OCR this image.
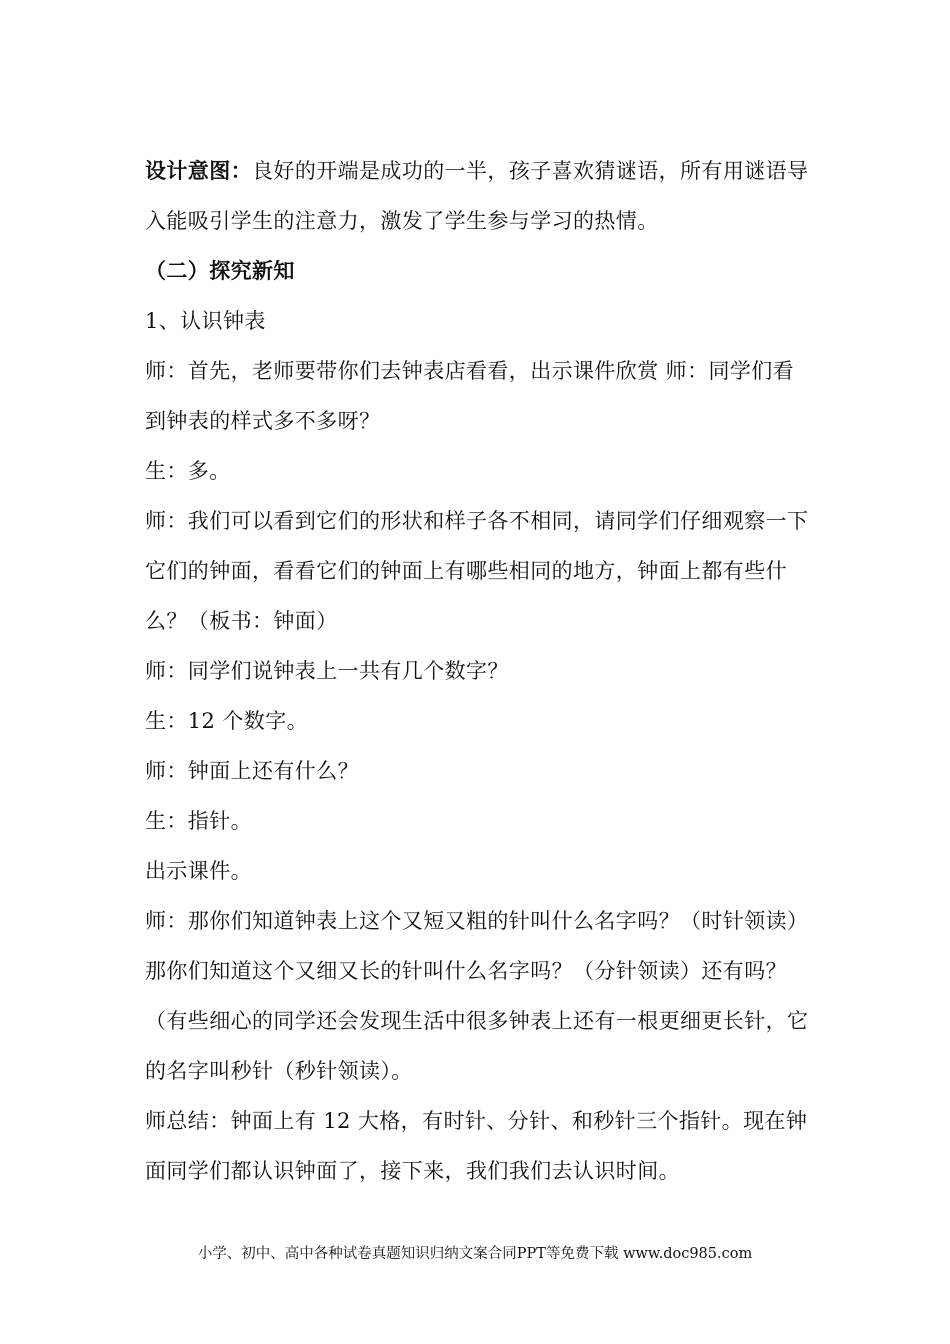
设计意图：良好的开端是成功的一半，孩子喜欢猜谜语，所有用谜语导入能吸引学生的注意力，激发了学生参与学习的热情。

（二）探究新知

1、认识钟表

师：首先，老师要带你们去钟表店看看，出示课件欣赏 师：同学们看到钟表的样式多不多呀？

生：多。

师：我们可以看到它们的形状和样子各不相同，请同学们仔细观察一下它们的钟面，看看它们的钟面上有哪些相同的地方，钟面上都有些什么？（板书：钟面）

师：同学们说钟表上一共有几个数字？

生：12 个数字。

师：钟面上还有什么？

生：指针。

出示课件。

师：那你们知道钟表上这个又短又粗的针叫什么名字吗？（时针领读）那你们知道这个又细又长的针叫什么名字吗？（分针领读）还有吗？（有些细心的同学还会发现生活中很多钟表上还有一根更细更长针，它的名字叫秒针（秒针领读）。

师总结：钟面上有 12 大格，有时针、分针、和秒针三个指针。现在钟面同学们都认识钟面了，接下来，我们我们去认识时间。

小学、初中、高中各种试卷真题知识归纳文案合同PPT等免费下载 www.doc985.com
